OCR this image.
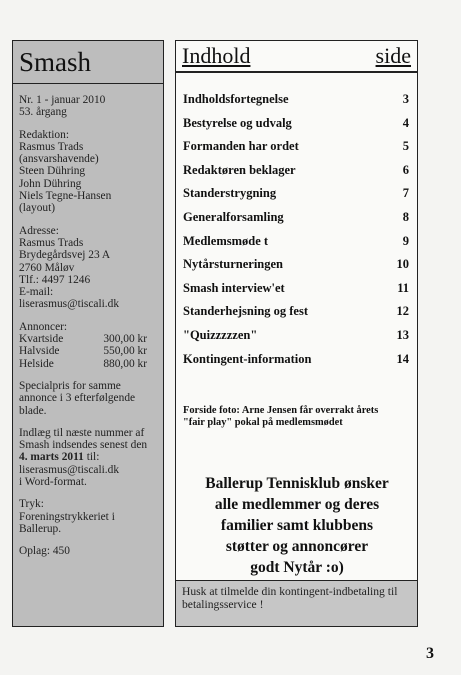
Smash
Nr. 1 - januar 2010
53. årgang
Redaktion:
Rasmus Trads
(ansvarshavende)
Steen Dühring
John Dühring
Niels Tegne-Hansen
(layout)
Adresse:
Rasmus Trads
Brydegårdsvej 23 A
2760 Måløv
Tlf.: 4497 1246
E-mail:
liserasmus@tiscali.dk
Annoncer:
Kvartside	300,00 kr
Halvside	550,00 kr
Helside	880,00 kr
Specialpris for samme
annonce i 3 efterfølgende
blade.
Indlæg til næste nummer af
Smash indsendes senest den
4. marts 2011 til:
liserasmus@tiscali.dk
i Word-format.
Tryk:
Foreningstrykkeriet i
Ballerup.
Oplag: 450
Indhold	side
Indholdsfortegnelse	3
Bestyrelse og udvalg	4
Formanden har ordet	5
Redaktøren beklager	6
Standerstrygning	7
Generalforsamling	8
Medlemsmøde t	9
Nytårsturneringen	10
Smash interview'et	11
Standerhejsning og fest	12
"Quizzzzzen"	13
Kontingent-information	14
Forside foto: Arne Jensen får overrakt årets
"fair play" pokal på medlemsmødet
Ballerup Tennisklub ønsker
alle medlemmer og deres
familier samt klubbens
støtter og annoncører
godt Nytår :o)
Husk at tilmelde din kontingent-indbetaling til
betalingsservice !
3
